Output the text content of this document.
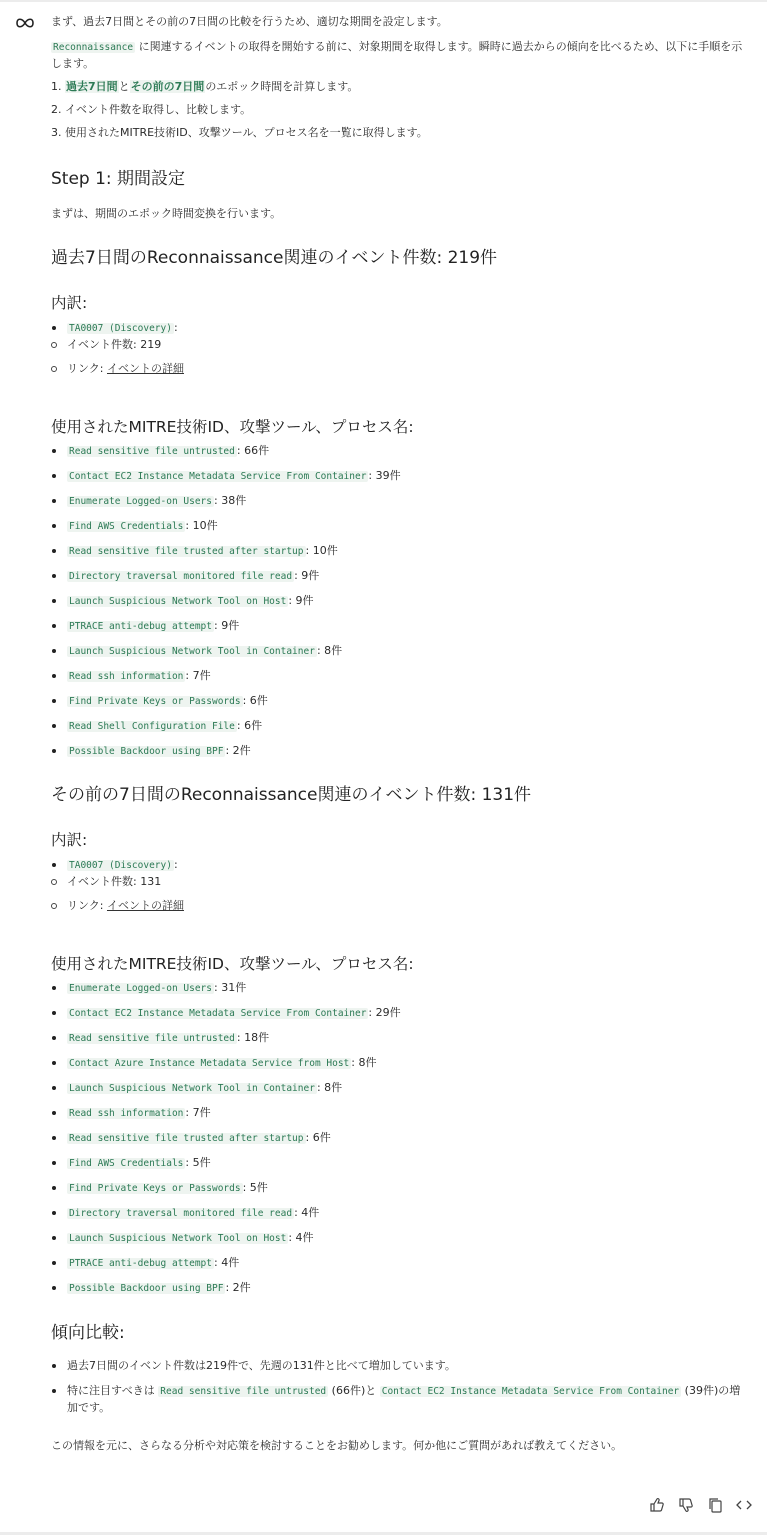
まず、過去7日間とその前の7日間の比較を行うため、適切な期間を設定します。

Reconnaissance に関連するイベントの取得を開始する前に、対象期間を取得します。瞬時に過去からの傾向を比べるため、以下に手順を示します。

1. 過去7日間とその前の7日間のエポック時間を計算します。
2. イベント件数を取得し、比較します。
3. 使用されたMITRE技術ID、攻撃ツール、プロセス名を一覧に取得します。
Step 1: 期間設定

まずは、期間のエポック時間変換を行います。

過去7日間のReconnaissance関連のイベント件数: 219件
内訳:
TA0007 (Discovery) :
イベント件数: 219
リンク: イベントの詳細
使用されたMITRE技術ID、攻撃ツール、プロセス名:
Read sensitive file untrusted : 66件
Contact EC2 Instance Metadata Service From Container : 39件
Enumerate Logged-on Users : 38件
Find AWS Credentials : 10件
Read sensitive file trusted after startup : 10件
Directory traversal monitored file read : 9件
Launch Suspicious Network Tool on Host : 9件
PTRACE anti-debug attempt : 9件
Launch Suspicious Network Tool in Container : 8件
Read ssh information : 7件
Find Private Keys or Passwords : 6件
Read Shell Configuration File : 6件
Possible Backdoor using BPF : 2件
その前の7日間のReconnaissance関連のイベント件数: 131件
内訳:
TA0007 (Discovery) :
イベント件数: 131
リンク: イベントの詳細
使用されたMITRE技術ID、攻撃ツール、プロセス名:
Enumerate Logged-on Users : 31件
Contact EC2 Instance Metadata Service From Container : 29件
Read sensitive file untrusted : 18件
Contact Azure Instance Metadata Service from Host : 8件
Launch Suspicious Network Tool in Container : 8件
Read ssh information : 7件
Read sensitive file trusted after startup : 6件
Find AWS Credentials : 5件
Find Private Keys or Passwords : 5件
Directory traversal monitored file read : 4件
Launch Suspicious Network Tool on Host : 4件
PTRACE anti-debug attempt : 4件
Possible Backdoor using BPF : 2件
傾向比較:
過去7日間のイベント件数は219件で、先週の131件と比べて増加しています。
特に注目すべきは Read sensitive file untrusted (66件)と Contact EC2 Instance Metadata Service From Container (39件)の増加です。

この情報を元に、さらなる分析や対応策を検討することをお勧めします。何か他にご質問があれば教えてください。
